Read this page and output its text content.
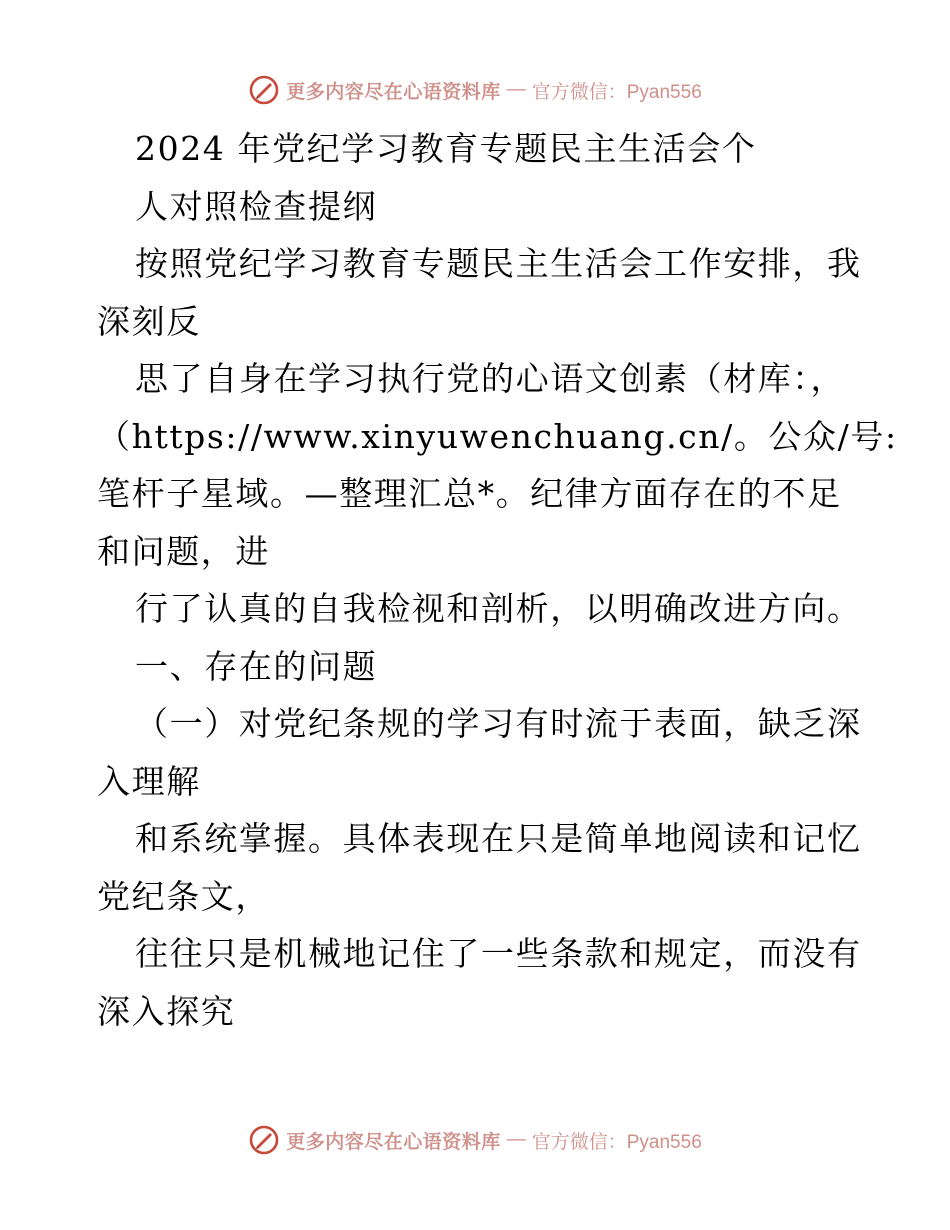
更多内容尽在心语资料库 — 官方微信：Pyan556
2024 年党纪学习教育专题民主生活会个
人对照检查提纲
按照党纪学习教育专题民主生活会工作安排，我
深刻反
思了自身在学习执行党的心语文创素（材库：，
（https://www.xinyuwenchuang.cn/。公众/号:
笔杆子星域。—整理汇总*。纪律方面存在的不足
和问题，进
行了认真的自我检视和剖析，以明确改进方向。
一、存在的问题
（一）对党纪条规的学习有时流于表面，缺乏深
入理解
和系统掌握。具体表现在只是简单地阅读和记忆
党纪条文，
往往只是机械地记住了一些条款和规定，而没有
深入探究
更多内容尽在心语资料库 — 官方微信：Pyan556
